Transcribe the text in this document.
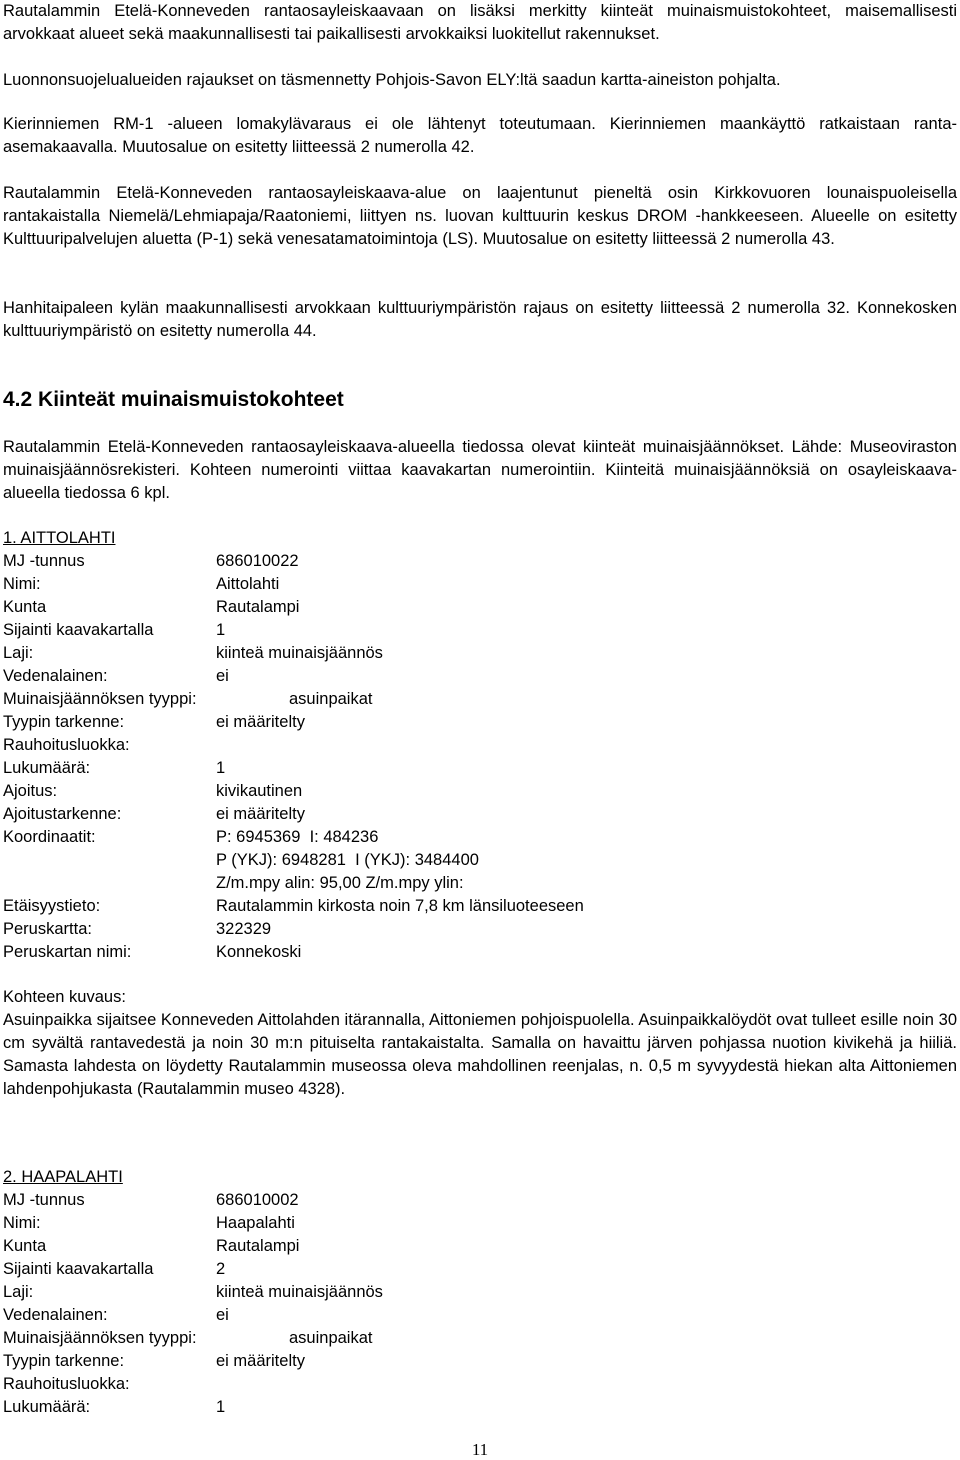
Rautalammin Etelä-Konneveden rantaosayleiskaavaan on lisäksi merkitty kiinteät muinaismuistokohteet, maisemallisesti arvokkaat alueet sekä maakunnallisesti tai paikallisesti arvokkaiksi luokitellut rakennukset.

Luonnonsuojelualueiden rajaukset on täsmennetty Pohjois-Savon ELY:ltä saadun kartta-aineiston pohjalta.

Kierinniemen RM-1 -alueen lomakylävaraus ei ole lähtenyt toteutumaan. Kierinniemen maankäyttö ratkaistaan ranta-asemakaavalla. Muutosalue on esitetty liitteessä 2 numerolla 42.

Rautalammin Etelä-Konneveden rantaosayleiskaava-alue on laajentunut pieneltä osin Kirkkovuoren lounaispuoleisella rantakaistalla Niemelä/Lehmiapaja/Raatoniemi, liittyen ns. luovan kulttuurin keskus DROM -hankkeeseen. Alueelle on esitetty Kulttuuripalvelujen aluetta (P-1) sekä venesatamatoimintoja (LS). Muutosalue on esitetty liitteessä 2 numerolla 43.

Hanhitaipaleen kylän maakunnallisesti arvokkaan kulttuuriympäristön rajaus on esitetty liitteessä 2 numerolla 32. Konnekosken kulttuuriympäristö on esitetty numerolla 44.

4.2 Kiinteät muinaismuistokohteet

Rautalammin Etelä-Konneveden rantaosayleiskaava-alueella tiedossa olevat kiinteät muinaisjäännökset. Lähde: Museoviraston muinaisjäännösrekisteri. Kohteen numerointi viittaa kaavakartan numerointiin. Kiinteitä muinaisjäännöksiä on osayleiskaava-alueella tiedossa 6 kpl.

1. AITTOLAHTI

MJ -tunnus	686010022
Nimi:	Aittolahti
Kunta	Rautalampi
Sijainti kaavakartalla	1
Laji:	kiinteä muinaisjäännös
Vedenalainen:	ei
Muinaisjäännöksen tyyppi:	asuinpaikat
Tyypin tarkenne:	ei määritelty
Rauhoitusluokka:
Lukumäärä:	1
Ajoitus:	kivikautinen
Ajoitustarkenne:	ei määritelty
Koordinaatit:	P: 6945369  I: 484236
P (YKJ): 6948281  I (YKJ): 3484400
Z/m.mpy alin: 95,00 Z/m.mpy ylin:
Etäisyystieto:	Rautalammin kirkosta noin 7,8 km länsiluoteeseen
Peruskartta:	322329
Peruskartan nimi:	Konnekoski

Kohteen kuvaus:

Asuinpaikka sijaitsee Konneveden Aittolahden itärannalla, Aittoniemen pohjoispuolella. Asuinpaikkalöydöt ovat tulleet esille noin 30 cm syvältä rantavedestä ja noin 30 m:n pituiselta rantakaistalta. Samalla on havaittu järven pohjassa nuotion kivikehä ja hiiliä. Samasta lahdesta on löydetty Rautalammin museossa oleva mahdollinen reenjalas, n. 0,5 m syvyydestä hiekan alta Aittoniemen lahdenpohjukasta (Rautalammin museo 4328).

2. HAAPALAHTI

MJ -tunnus	686010002
Nimi:	Haapalahti
Kunta	Rautalampi
Sijainti kaavakartalla	2
Laji:	kiinteä muinaisjäännös
Vedenalainen:	ei
Muinaisjäännöksen tyyppi:	asuinpaikat
Tyypin tarkenne:	ei määritelty
Rauhoitusluokka:
Lukumäärä:	1
11
